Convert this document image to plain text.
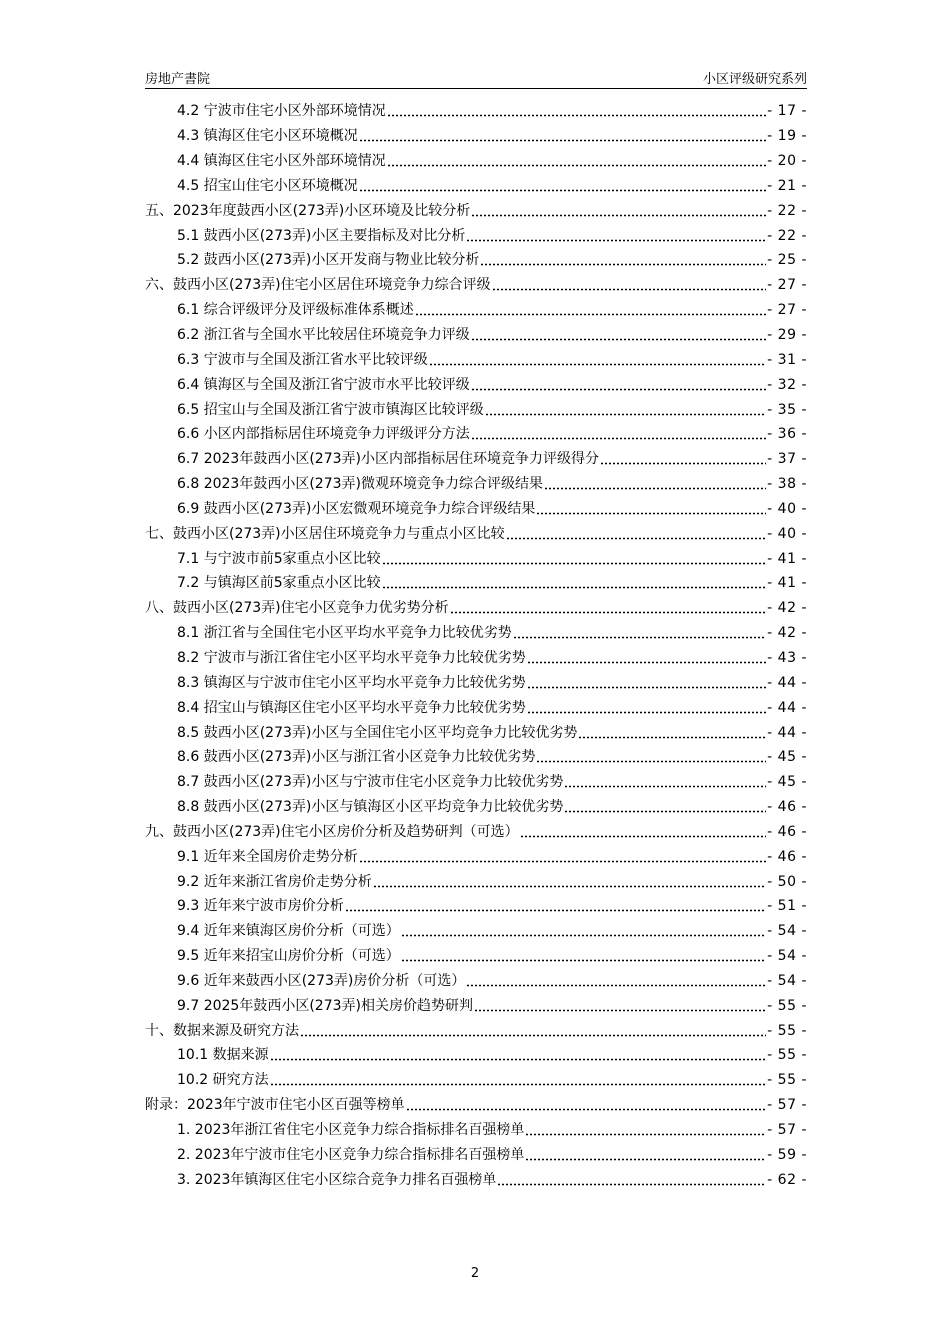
房地产書院	小区评级研究系列
4.2 宁波市住宅小区外部环境情况	- 17 -
4.3 镇海区住宅小区环境概况	- 19 -
4.4 镇海区住宅小区外部环境情况	- 20 -
4.5 招宝山住宅小区环境概况	- 21 -
五、2023年度鼓西小区(273弄)小区环境及比较分析	- 22 -
5.1 鼓西小区(273弄)小区主要指标及对比分析	- 22 -
5.2 鼓西小区(273弄)小区开发商与物业比较分析	- 25 -
六、鼓西小区(273弄)住宅小区居住环境竞争力综合评级	- 27 -
6.1 综合评级评分及评级标准体系概述	- 27 -
6.2 浙江省与全国水平比较居住环境竞争力评级	- 29 -
6.3 宁波市与全国及浙江省水平比较评级	- 31 -
6.4 镇海区与全国及浙江省宁波市水平比较评级	- 32 -
6.5 招宝山与全国及浙江省宁波市镇海区比较评级	- 35 -
6.6 小区内部指标居住环境竞争力评级评分方法	- 36 -
6.7 2023年鼓西小区(273弄)小区内部指标居住环境竞争力评级得分	- 37 -
6.8 2023年鼓西小区(273弄)微观环境竞争力综合评级结果	- 38 -
6.9 鼓西小区(273弄)小区宏微观环境竞争力综合评级结果	- 40 -
七、鼓西小区(273弄)小区居住环境竞争力与重点小区比较	- 40 -
7.1 与宁波市前5家重点小区比较	- 41 -
7.2 与镇海区前5家重点小区比较	- 41 -
八、鼓西小区(273弄)住宅小区竞争力优劣势分析	- 42 -
8.1 浙江省与全国住宅小区平均水平竞争力比较优劣势	- 42 -
8.2 宁波市与浙江省住宅小区平均水平竞争力比较优劣势	- 43 -
8.3 镇海区与宁波市住宅小区平均水平竞争力比较优劣势	- 44 -
8.4 招宝山与镇海区住宅小区平均水平竞争力比较优劣势	- 44 -
8.5 鼓西小区(273弄)小区与全国住宅小区平均竞争力比较优劣势	- 44 -
8.6 鼓西小区(273弄)小区与浙江省小区竞争力比较优劣势	- 45 -
8.7 鼓西小区(273弄)小区与宁波市住宅小区竞争力比较优劣势	- 45 -
8.8 鼓西小区(273弄)小区与镇海区小区平均竞争力比较优劣势	- 46 -
九、鼓西小区(273弄)住宅小区房价分析及趋势研判（可选）	- 46 -
9.1 近年来全国房价走势分析	- 46 -
9.2 近年来浙江省房价走势分析	- 50 -
9.3 近年来宁波市房价分析	- 51 -
9.4 近年来镇海区房价分析（可选）	- 54 -
9.5 近年来招宝山房价分析（可选）	- 54 -
9.6 近年来鼓西小区(273弄)房价分析（可选）	- 54 -
9.7 2025年鼓西小区(273弄)相关房价趋势研判	- 55 -
十、数据来源及研究方法	- 55 -
10.1 数据来源	- 55 -
10.2 研究方法	- 55 -
附录：2023年宁波市住宅小区百强等榜单	- 57 -
1. 2023年浙江省住宅小区竞争力综合指标排名百强榜单	- 57 -
2. 2023年宁波市住宅小区竞争力综合指标排名百强榜单	- 59 -
3. 2023年镇海区住宅小区综合竞争力排名百强榜单	- 62 -
2
